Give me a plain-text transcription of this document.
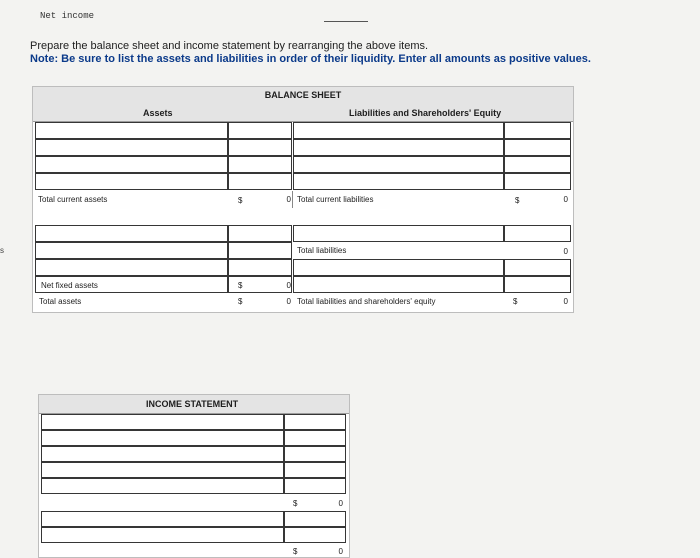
Net income
s
Prepare the balance sheet and income statement by rearranging the above items.
Note: Be sure to list the assets and liabilities in order of their liquidity. Enter all amounts as positive values.
BALANCE SHEET
Assets	Liabilities and Shareholders' Equity
Total current assets	$	0 Total current liabilities	$	0
Total liabilities	0
Net fixed assets	$	0
Total assets	$	0 Total liabilities and shareholders' equity	$	0
INCOME STATEMENT
$	0
$	0
